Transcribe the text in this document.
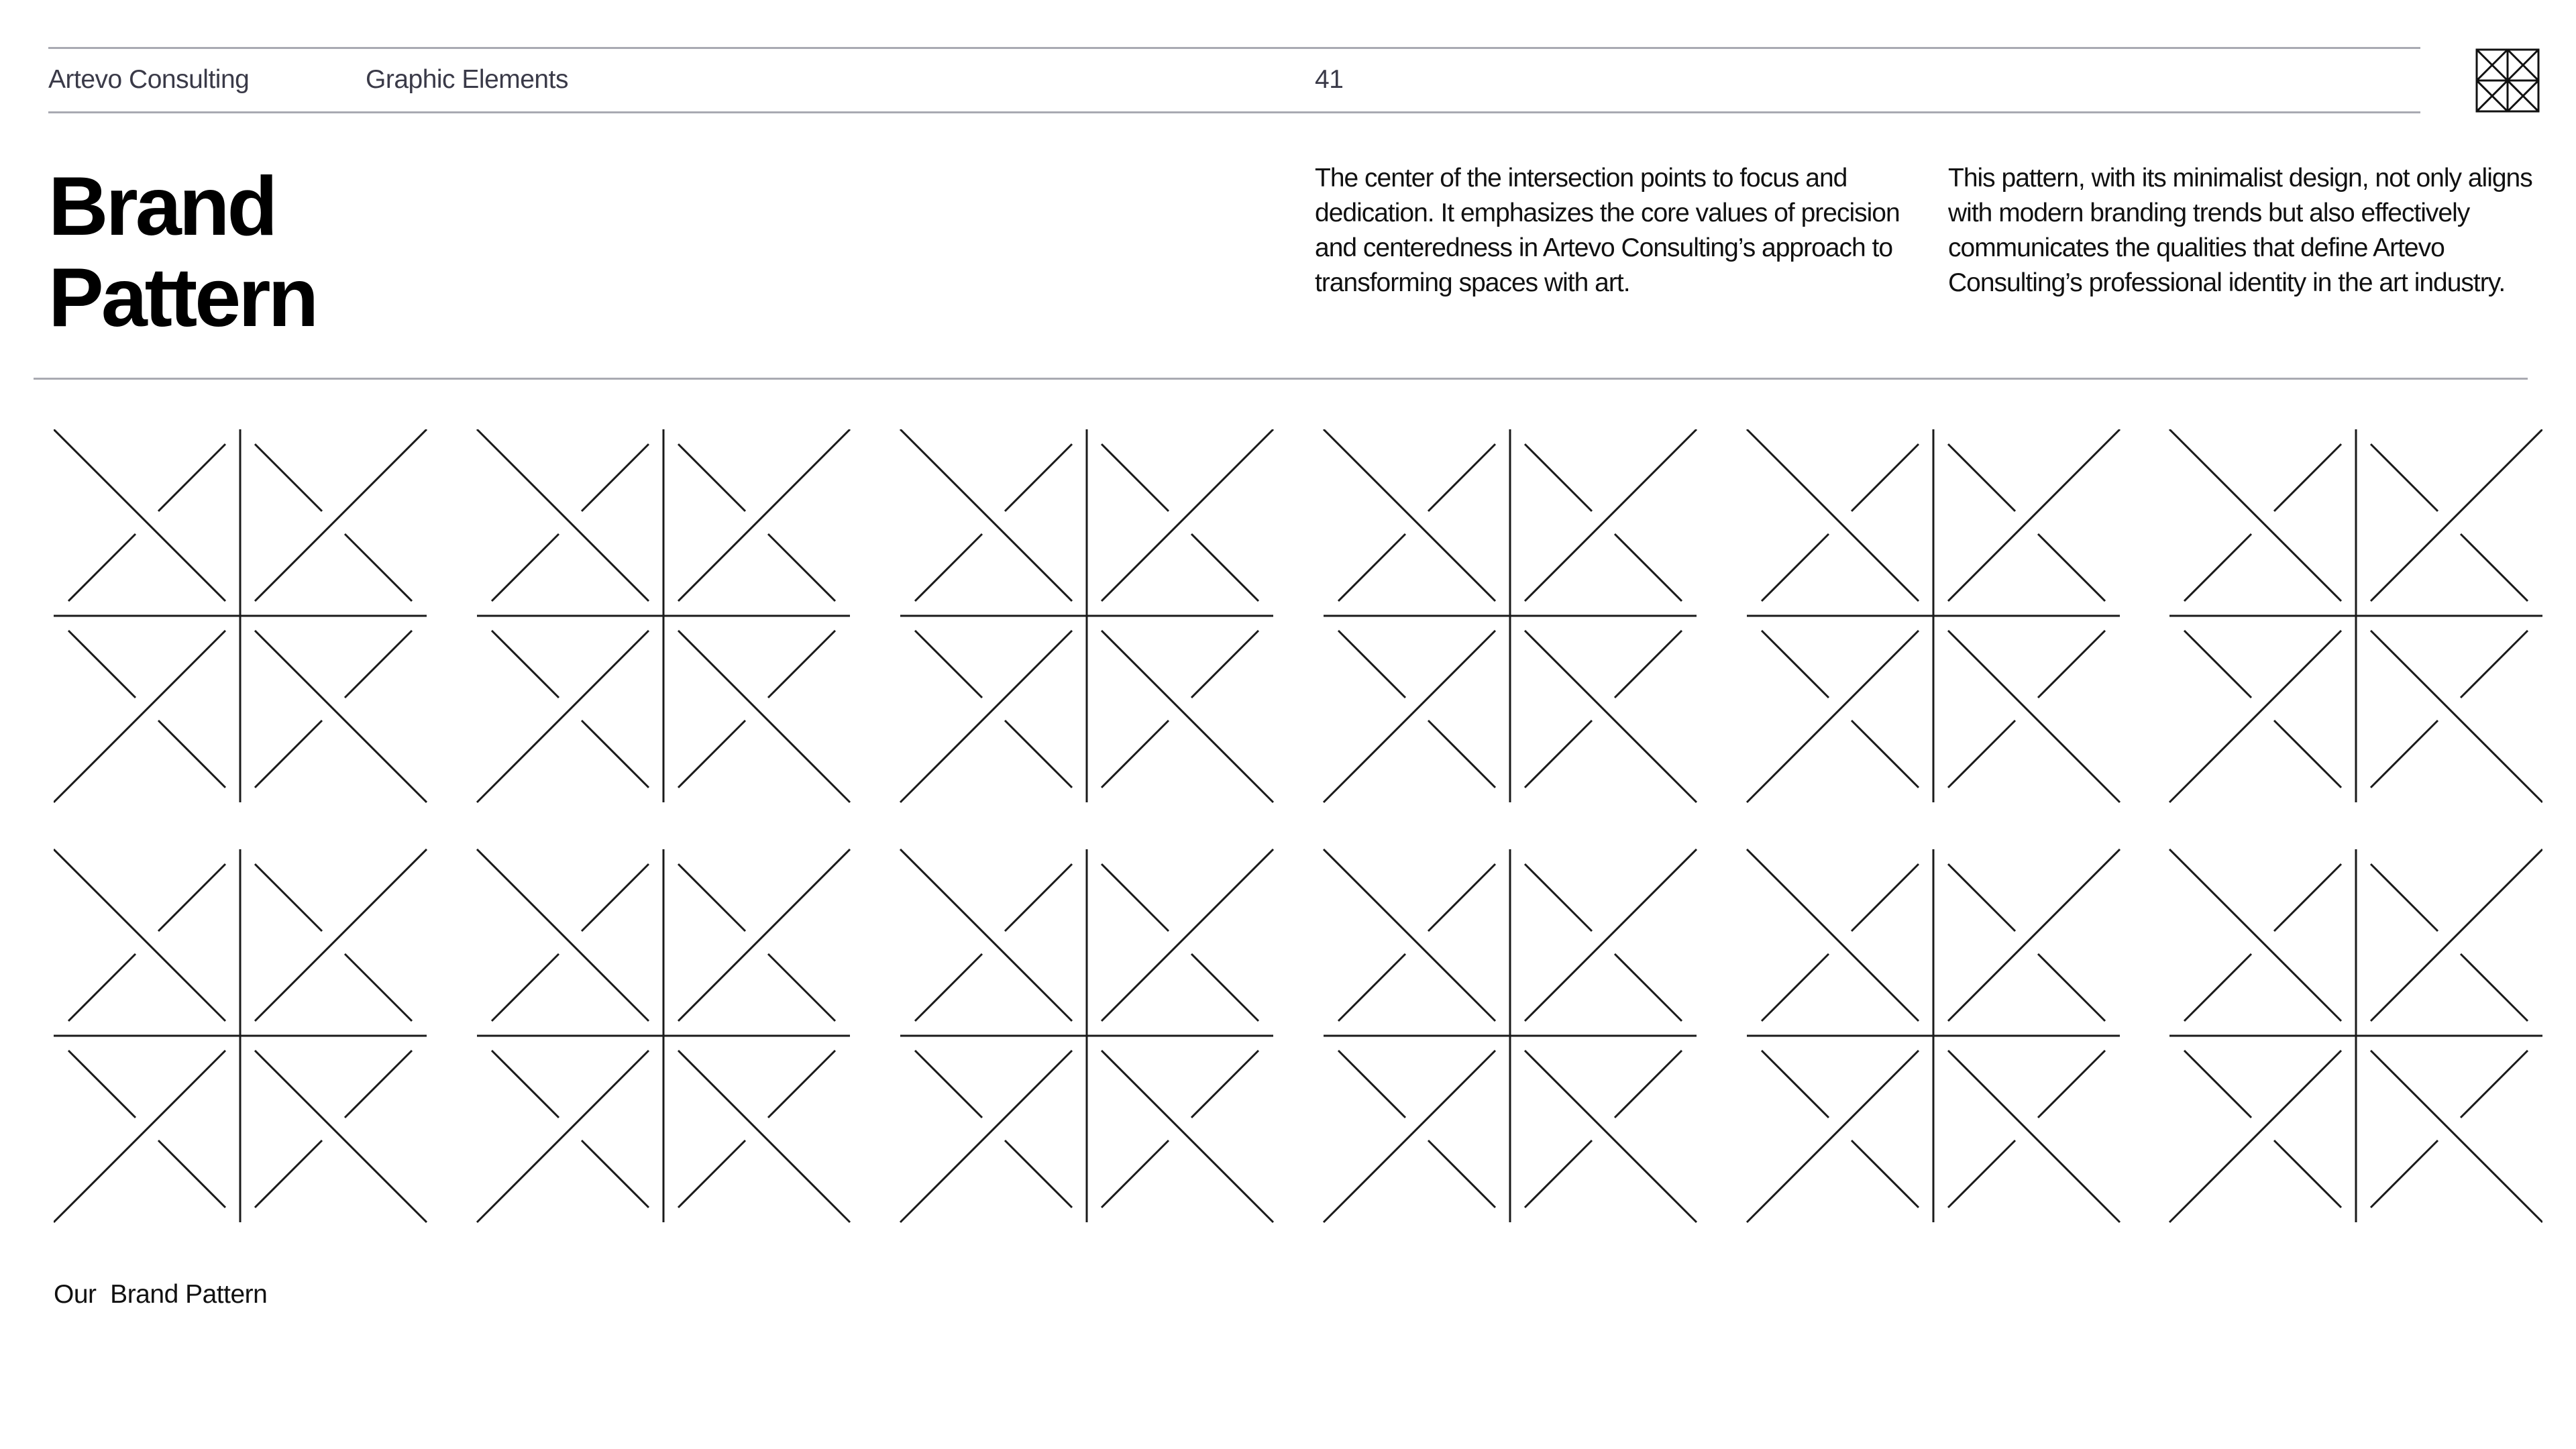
Artevo Consulting	Graphic Elements	41
Brand
Pattern
The center of the intersection points to focus and dedication. It emphasizes the core values of precision and centeredness in Artevo Consulting’s approach to transforming spaces with art.
This pattern, with its minimalist design, not only aligns with modern branding trends but also effectively communicates the qualities that define Artevo Consulting’s professional identity in the art industry.
Our  Brand Pattern
